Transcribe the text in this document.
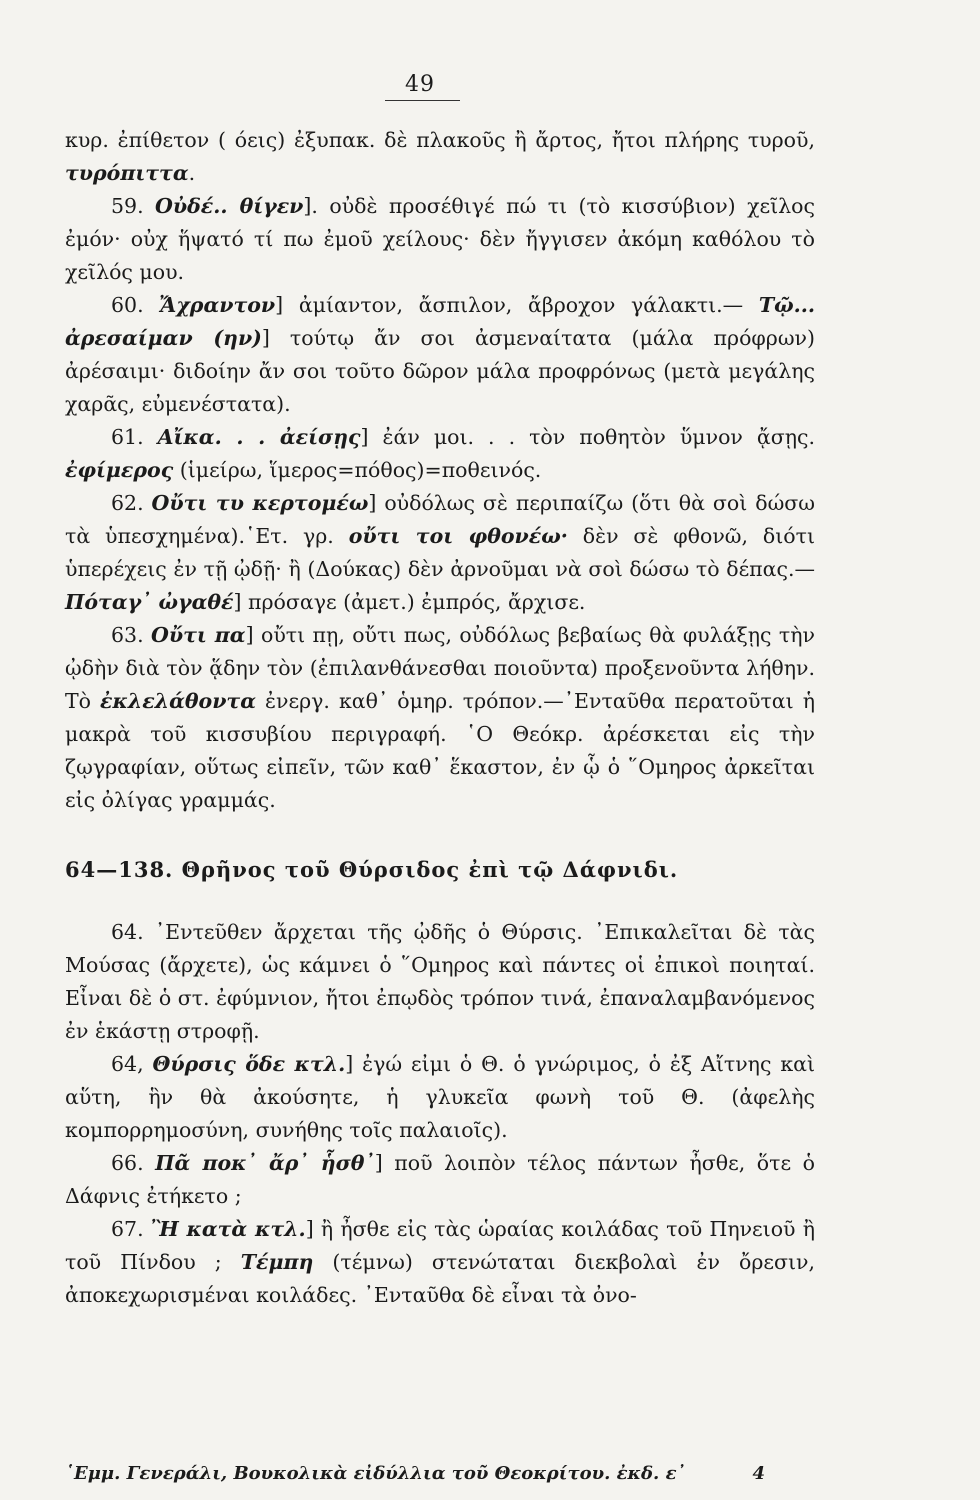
49

κυρ. ἐπίθετον ( όεις) ἐξυπακ. δὲ πλακοῦς ἢ ἄρτος, ἤτοι πλήρης τυροῦ, τυρόπιττα.

59. Οὐδέ.. θίγεν]. οὐδὲ προσέθιγέ πώ τι (τὸ κισσύβιον) χεῖλος ἐμόν· οὐχ ἥψατό τί πω ἐμοῦ χείλους· δὲν ἤγγισεν ἀκόμη καθόλου τὸ χεῖλός μου.

60. Ἄχραντον] ἀμίαντον, ἄσπιλον, ἄβροχον γάλακτι.— Τῷ... ἀρεσαίμαν (ην)] τούτῳ ἄν σοι ἀσμεναίτατα (μάλα πρόφρων) ἀρέσαιμι· διδοίην ἄν σοι τοῦτο δῶρον μάλα προφρόνως (μετὰ μεγάλης χαρᾶς, εὐμενέστατα).

61. Αἴκα. . . ἀείσῃς] ἐάν μοι. . . τὸν ποθητὸν ὕμνον ᾄσῃς. ἐφίμερος (ἱμείρω, ἵμερος=πόθος)=ποθεινός.

62. Οὔτι τυ κερτομέω] οὐδόλως σὲ περιπαίζω (ὅτι θὰ σοὶ δώσω τὰ ὑπεσχημένα).῾Ετ. γρ. οὔτι τοι φθονέω· δὲν σὲ φθονῶ, διότι ὑπερέχεις ἐν τῇ ᾠδῇ· ἢ (Δούκας) δὲν ἀρνοῦμαι νὰ σοὶ δώσω τὸ δέπας.—Πόταγ᾿ ὠγαθέ] πρόσαγε (ἀμετ.) ἐμπρός, ἄρχισε.

63. Οὔτι πα] οὔτι πῃ, οὔτι πως, οὐδόλως βεβαίως θὰ φυλάξῃς τὴν ᾠδὴν διὰ τὸν ᾅδην τὸν (ἐπιλανθάνεσθαι ποιοῦντα) προξενοῦντα λήθην. Τὸ ἐκλελάθοντα ἐνεργ. καθ᾿ ὁμηρ. τρόπον.—᾿Ενταῦθα περατοῦται ἡ μακρὰ τοῦ κισσυβίου περιγραφή. ῾Ο Θεόκρ. ἀρέσκεται εἰς τὴν ζῳγραφίαν, οὕτως εἰπεῖν, τῶν καθ᾿ ἕκαστον, ἐν ᾧ ὁ ῞Ομηρος ἀρκεῖται εἰς ὀλίγας γραμμάς.

64—138. Θρῆνος τοῦ Θύρσιδος ἐπὶ τῷ Δάφνιδι.

64. ᾿Εντεῦθεν ἄρχεται τῆς ᾠδῆς ὁ Θύρσις. ᾿Επικαλεῖται δὲ τὰς Μούσας (ἄρχετε), ὡς κάμνει ὁ ῞Ομηρος καὶ πάντες οἱ ἐπικοὶ ποιηταί. Εἶναι δὲ ὁ στ. ἐφύμνιον, ἤτοι ἐπῳδὸς τρόπον τινά, ἐπαναλαμβανόμενος ἐν ἑκάστῃ στροφῇ.

64, Θύρσις ὅδε κτλ.] ἐγώ εἰμι ὁ Θ. ὁ γνώριμος, ὁ ἐξ Αἴτνης καὶ αὕτη, ἣν θὰ ἀκούσητε, ἡ γλυκεῖα φωνὴ τοῦ Θ. (ἀφελὴς κομπορρημοσύνη, συνήθης τοῖς παλαιοῖς).

66. Πᾶ ποκ᾿ ἄρ᾿ ἧσθ᾿] ποῦ λοιπὸν τέλος πάντων ἦσθε, ὅτε ὁ Δάφνις ἐτήκετο ;

67. Ἢ κατὰ κτλ.] ἢ ἦσθε εἰς τὰς ὡραίας κοιλάδας τοῦ Πηνειοῦ ἢ τοῦ Πίνδου ; Τέμπη (τέμνω) στενώταται διεκβολαὶ ἐν ὄρεσιν, ἀποκεχωρισμέναι κοιλάδες. ᾿Ενταῦθα δὲ εἶναι τὰ ὀνο-

῾Εμμ. Γενεράλι, Βουκολικὰ εἰδύλλια τοῦ Θεοκρίτου. ἐκδ. ε᾿	4
